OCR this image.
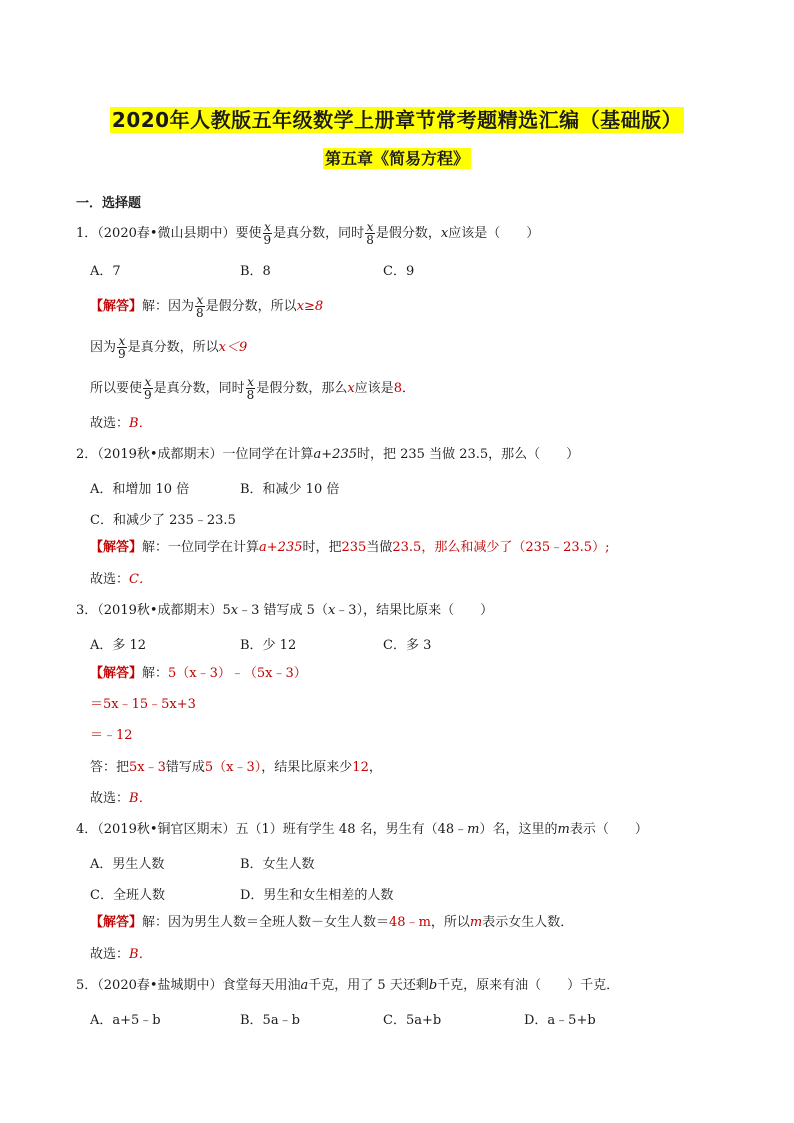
2020年人教版五年级数学上册章节常考题精选汇编（基础版）
第五章《简易方程》
一．选择题
1．（2020春•微山县期中）要使 $\frac{x}{9}$ 是真分数，同时 $\frac{x}{8}$ 是假分数，x应该是（　　）
A．7	B．8	C．9
【解答】解：因为 $\frac{x}{8}$ 是假分数，所以x≥8
因为 $\frac{x}{9}$ 是真分数，所以x＜9
所以要使 $\frac{x}{9}$ 是真分数，同时 $\frac{x}{8}$ 是假分数，那么x应该是8．
故选：B．
2．（2019秋•成都期末）一位同学在计算a+235时，把 235 当做 23.5，那么（　　）
A．和增加 10 倍	B．和减少 10 倍
C．和减少了 235﹣23.5
【解答】解：一位同学在计算a+235时，把235当做23.5，那么和减少了（235﹣23.5）;
故选：C．
3．（2019秋•成都期末）5x﹣3 错写成 5（x﹣3），结果比原来（　　）
A．多 12	B．少 12	C．多 3
【解答】解：5（x﹣3）﹣（5x﹣3）
＝5x﹣15﹣5x+3
＝﹣12
答：把5x﹣3错写成5（x﹣3），结果比原来少12，
故选：B．
4．（2019秋•铜官区期末）五（1）班有学生 48 名，男生有（48﹣m）名，这里的m表示（　　）
A．男生人数	B．女生人数
C．全班人数	D．男生和女生相差的人数
【解答】解：因为男生人数＝全班人数－女生人数＝48﹣m，所以m表示女生人数．
故选：B．
5．（2020春•盐城期中）食堂每天用油a千克，用了 5 天还剩b千克，原来有油（　　）千克．
A．a+5﹣b	B．5a﹣b	C．5a+b	D．a﹣5+b
